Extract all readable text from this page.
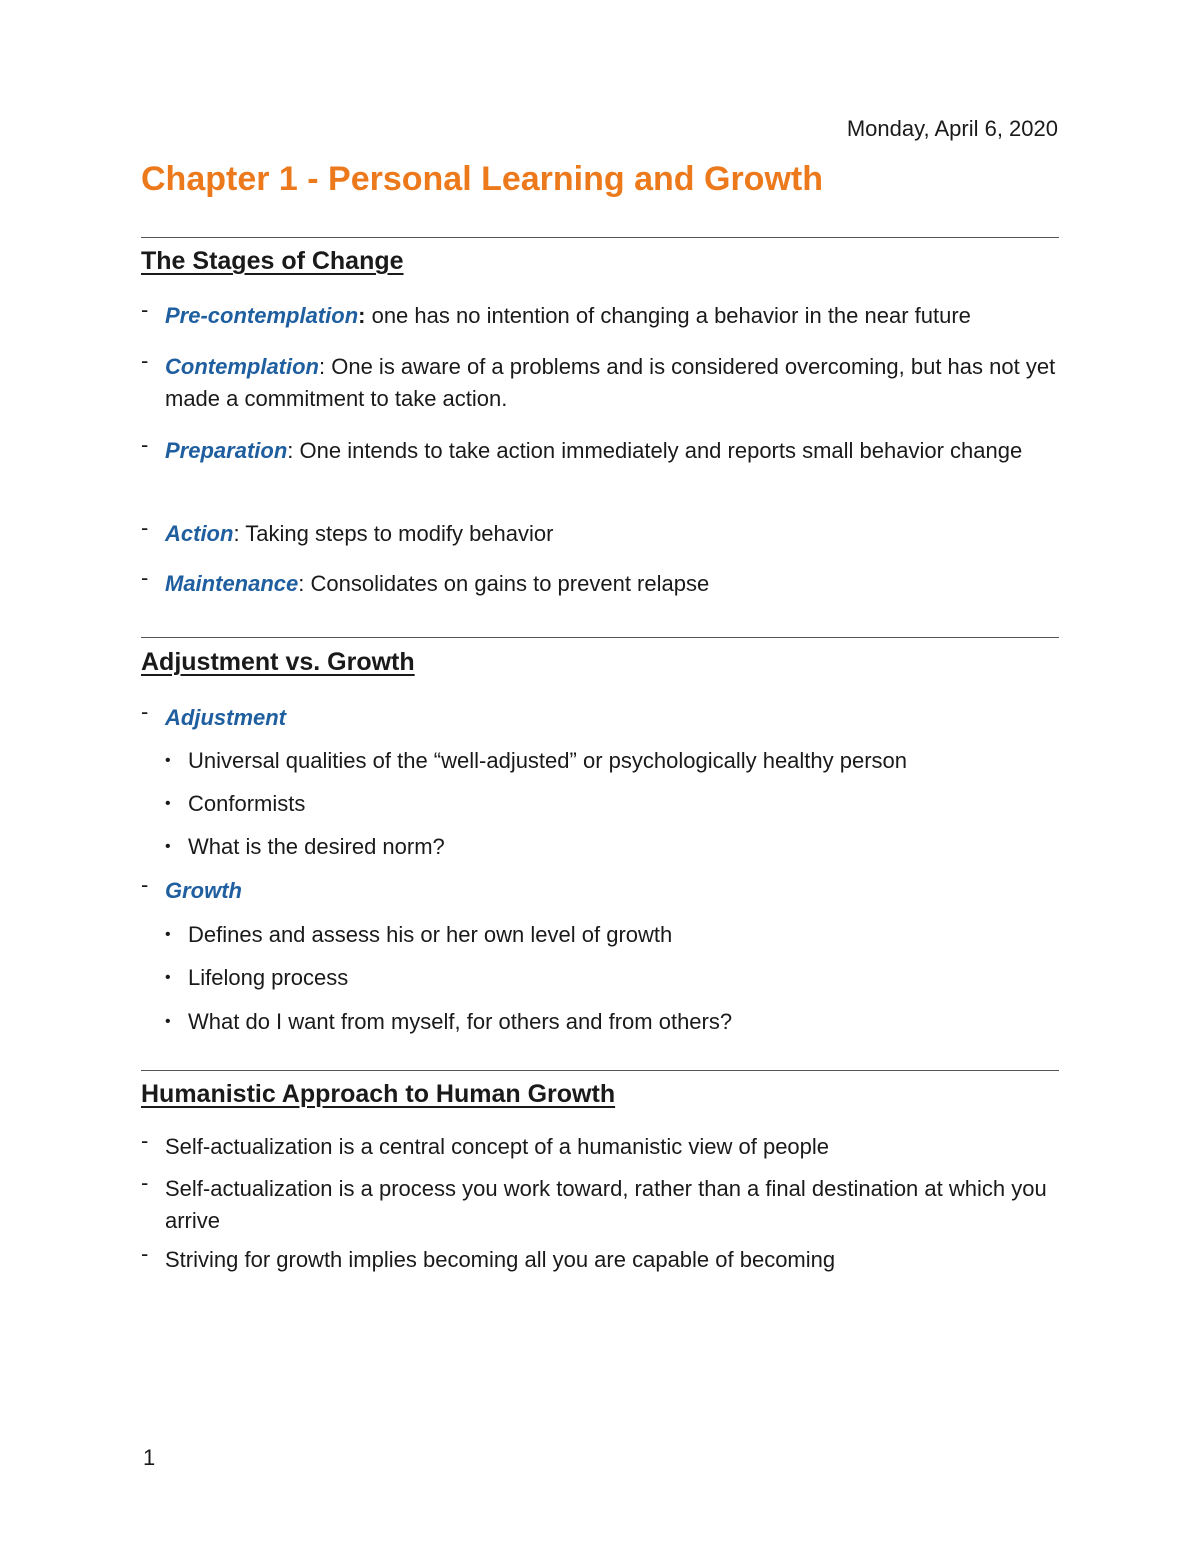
Monday, April 6, 2020
Chapter 1 - Personal Learning and Growth
The Stages of Change
- Pre-contemplation: one has no intention of changing a behavior in the near future
- Contemplation: One is aware of a problems and is considered overcoming, but has not yet made a commitment to take action.
- Preparation: One intends to take action immediately and reports small behavior change
- Action: Taking steps to modify behavior
- Maintenance: Consolidates on gains to prevent relapse
Adjustment vs. Growth
- Adjustment
• Universal qualities of the “well-adjusted” or psychologically healthy person
• Conformists
• What is the desired norm?
- Growth
• Defines and assess his or her own level of growth
• Lifelong process
• What do I want from myself, for others and from others?
Humanistic Approach to Human Growth
- Self-actualization is a central concept of a humanistic view of people
- Self-actualization is a process you work toward, rather than a final destination at which you arrive
- Striving for growth implies becoming all you are capable of becoming
1
